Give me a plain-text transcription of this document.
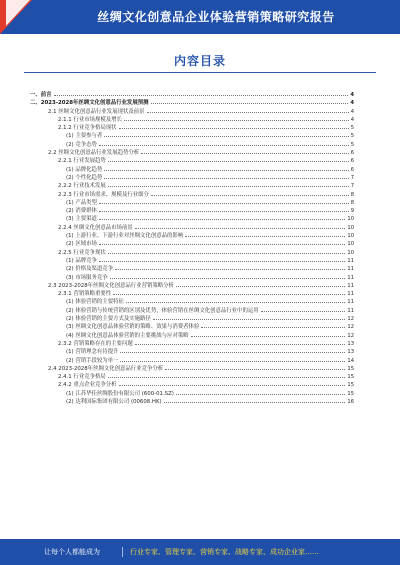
丝绸文化创意品企业体验营销策略研究报告
内容目录
一、前言	4
二、2023-2028年丝绸文化创意品行业发展预测	4
2.1 丝绸文化创意品行业发展现状及前景	4
2.1.1 行业市场规模及增长	4
2.1.2 行业竞争格局现状	5
(1) 主要参与者	5
(2) 竞争态势	5
2.2 丝绸文化创意品行业发展趋势分析	6
2.2.1 行业发展趋势	6
(1) 品牌化趋势	6
(2) 个性化趋势	7
2.2.2 行业技术发展	7
2.2.3 行业市场需求、规模及行业细分	8
(1) 产品类型	8
(2) 消费群体	9
(3) 主要渠道	10
2.2.4 丝绸文化创意品市场前景	10
(1) 上游行业、下游行业对丝绸文化创意品的影响	10
(2) 区域市场	10
2.2.5 行业竞争现状	10
(1) 品牌竞争	11
(2) 价格及渠道竞争	11
(3) 市场服务竞争	11
2.3 2023-2028年丝绸文化创意品行业营销策略分析	11
2.3.1 营销策略重要性	11
(1) 体验营销的主要特征	11
(2) 体验营销与传统营销的区别及优势，体验营销在丝绸文化创意品行业中的运用	11
(2) 体验营销的主要方式及实施路径	12
(3) 丝绸文化创意品体验营销的策略、效果与消费者体验	12
(4) 丝绸文化创意品体验营销的主要挑战与应对策略	12
2.3.2 营销策略存在的主要问题	13
(1) 营销理念有待提升	13
(2) 营销手段较为单一	14
2.4 2023-2028年丝绸文化创意品行业竞争分析	15
2.4.1 行业竞争格局	15
2.4.2 重点企业竞争分析	15
(1) 江苏华佳丝绸股份有限公司 (600-01.SZ)	15
(2) 达利国际集团有限公司 (00608.HK)	16
让每个人都能成为	行业专家、管理专家、营销专家、战略专家、成功企业家……
